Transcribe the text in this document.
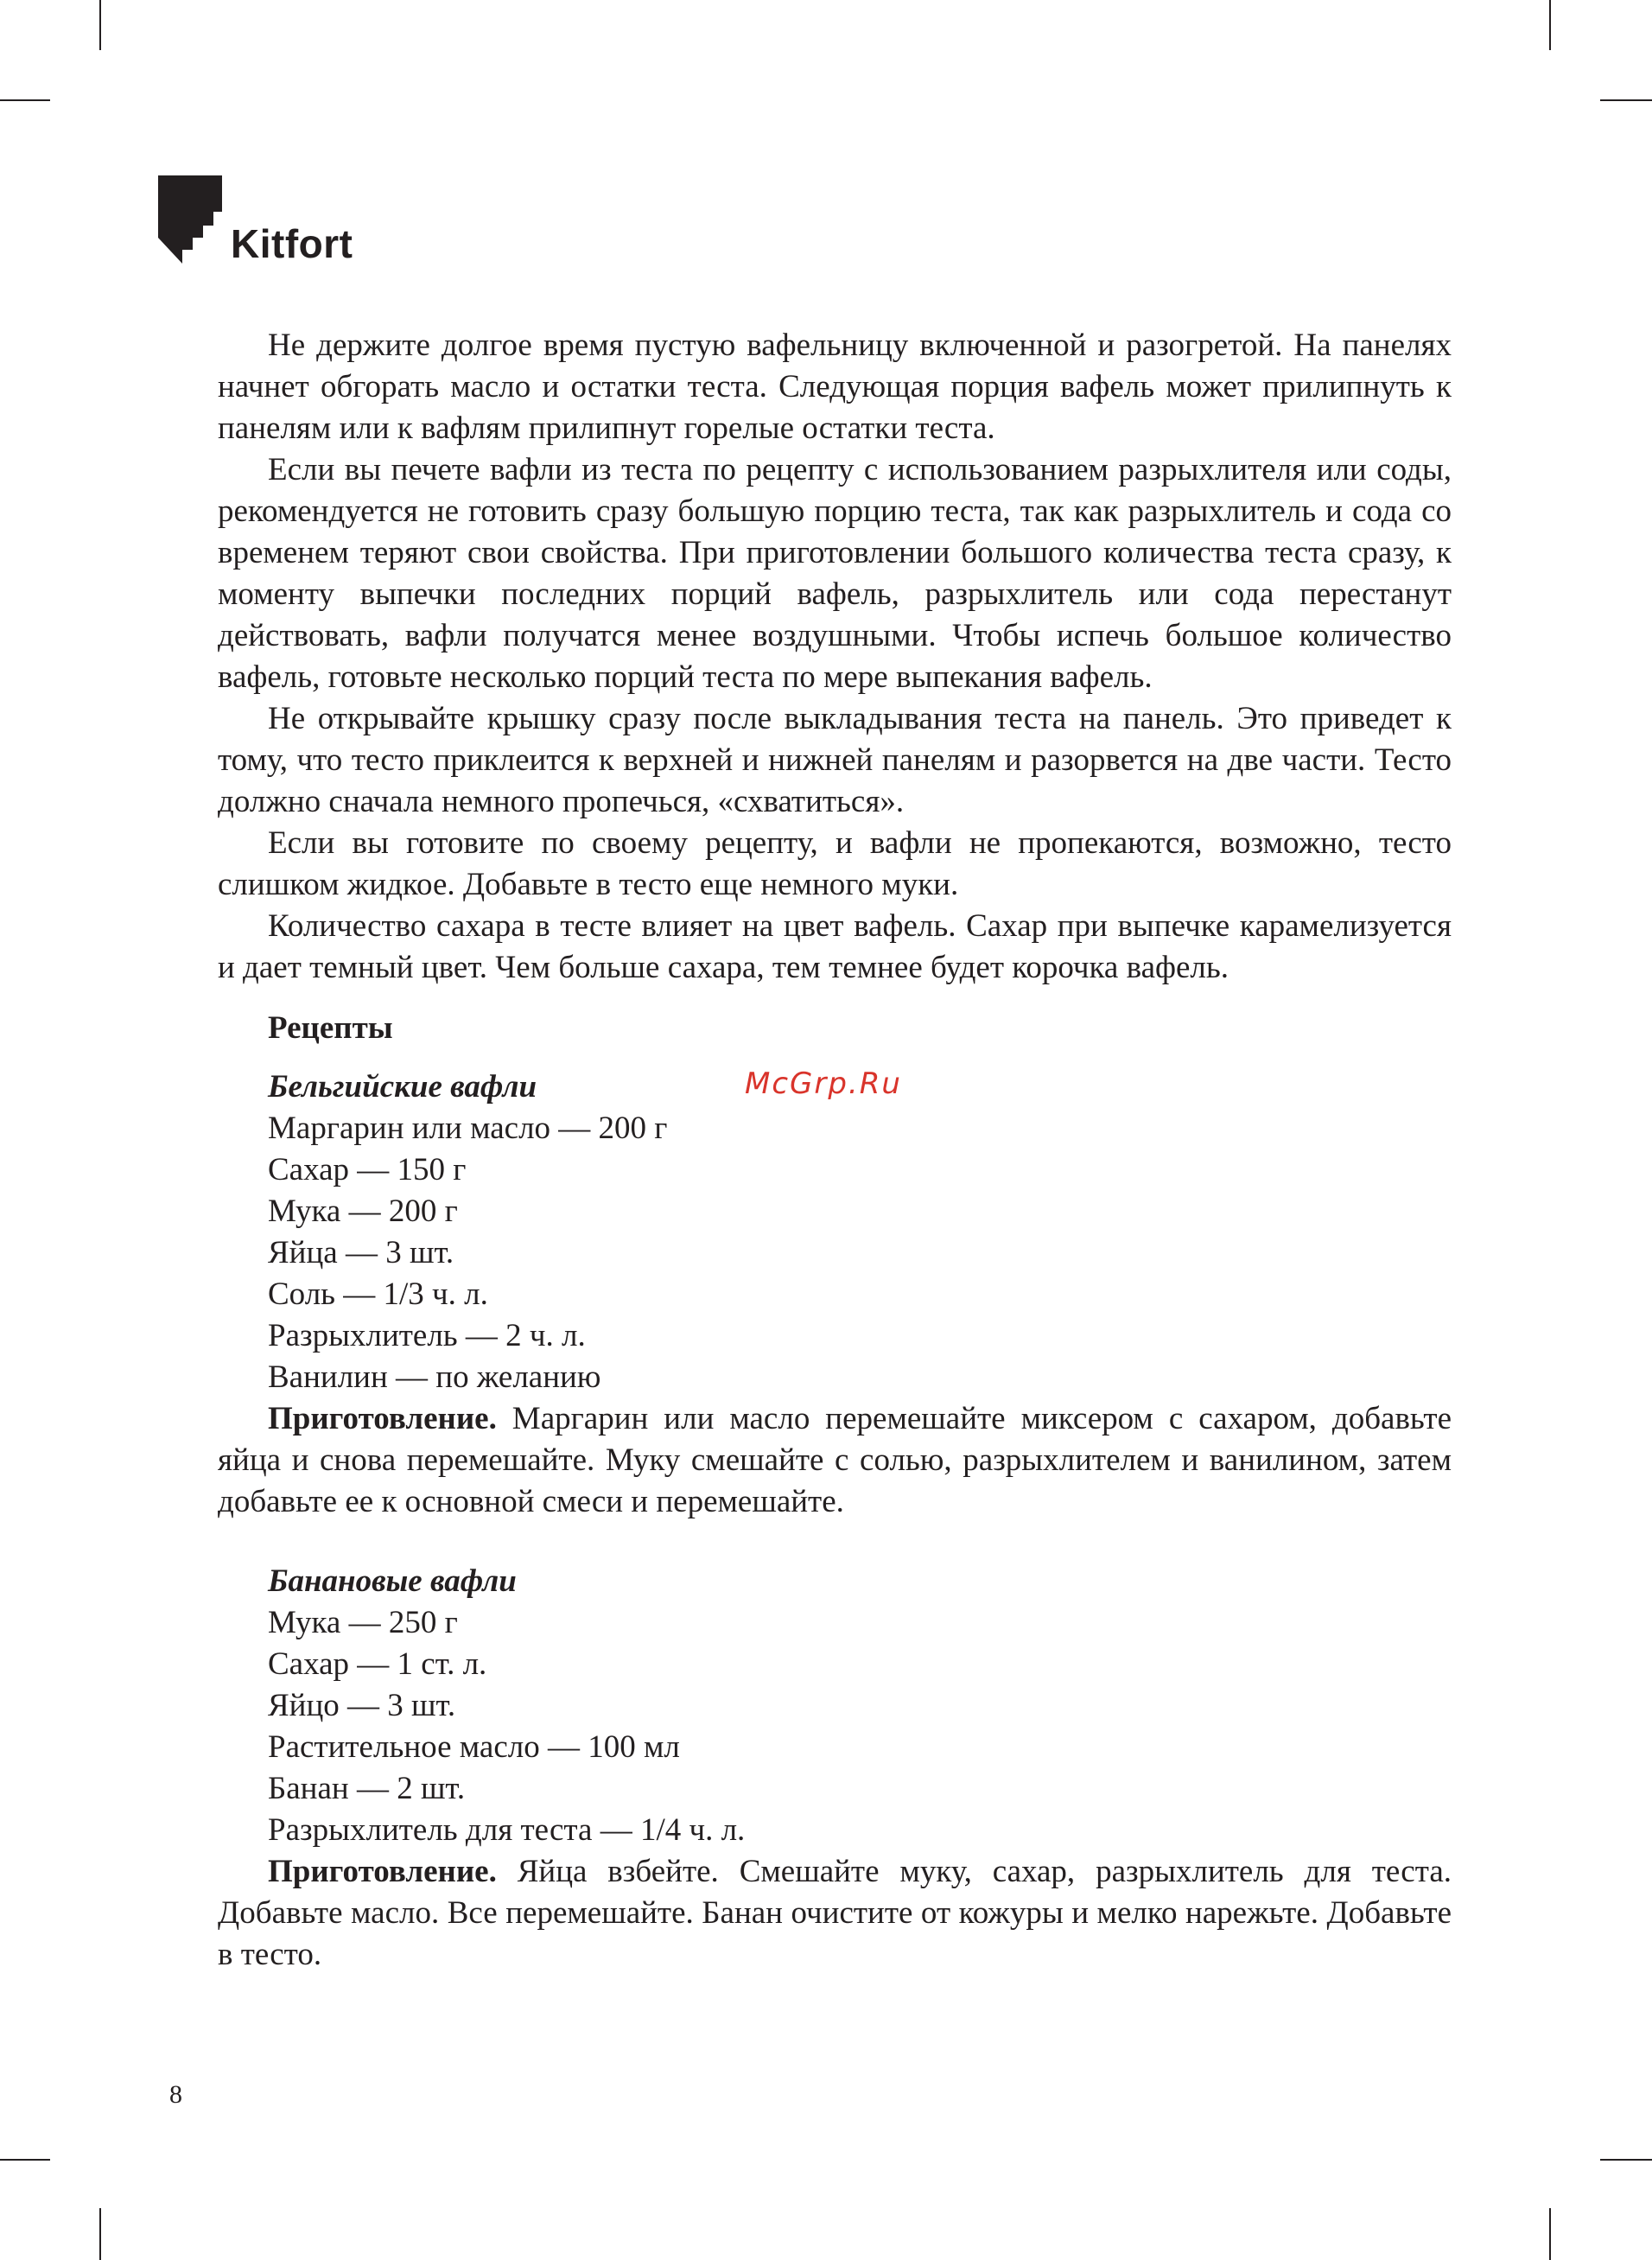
Kitfort

Не держите долгое время пустую вафельницу включенной и разогретой. На панелях начнет обгорать масло и остатки теста. Следующая порция вафель может прилипнуть к панелям или к вафлям прилипнут горелые остатки теста.

Если вы печете вафли из теста по рецепту с использованием разрыхлителя или соды, рекомендуется не готовить сразу большую порцию теста, так как разрыхлитель и сода со временем теряют свои свойства. При приготовлении большого количества теста сразу, к моменту выпечки последних порций вафель, разрыхлитель или сода перестанут действовать, вафли получатся менее воздушными. Чтобы испечь большое количество вафель, готовьте несколько порций теста по мере выпекания вафель.

Не открывайте крышку сразу после выкладывания теста на панель. Это приведет к тому, что тесто приклеится к верхней и нижней панелям и разорвется на две части. Тесто должно сначала немного пропечься, «схватиться».

Если вы готовите по своему рецепту, и вафли не пропекаются, возможно, тесто слишком жидкое. Добавьте в тесто еще немного муки.

Количество сахара в тесте влияет на цвет вафель. Сахар при выпечке карамелизуется и дает темный цвет. Чем больше сахара, тем темнее будет корочка вафель.

Рецепты
Бельгийские вафли	McGrp.Ru
Маргарин или масло — 200 г
Сахар — 150 г
Мука — 200 г
Яйца — 3 шт.
Соль — 1/3 ч. л.
Разрыхлитель — 2 ч. л.
Ванилин — по желанию

Приготовление. Маргарин или масло перемешайте миксером с сахаром, добавьте яйца и снова перемешайте. Муку смешайте с солью, разрыхлителем и ванилином, затем добавьте ее к основной смеси и перемешайте.

Банановые вафли
Мука — 250 г
Сахар — 1 ст. л.
Яйцо — 3 шт.
Растительное масло — 100 мл
Банан — 2 шт.
Разрыхлитель для теста — 1/4 ч. л.

Приготовление. Яйца взбейте. Смешайте муку, сахар, разрыхлитель для теста. Добавьте масло. Все перемешайте. Банан очистите от кожуры и мелко нарежьте. Добавьте в тесто.

8
